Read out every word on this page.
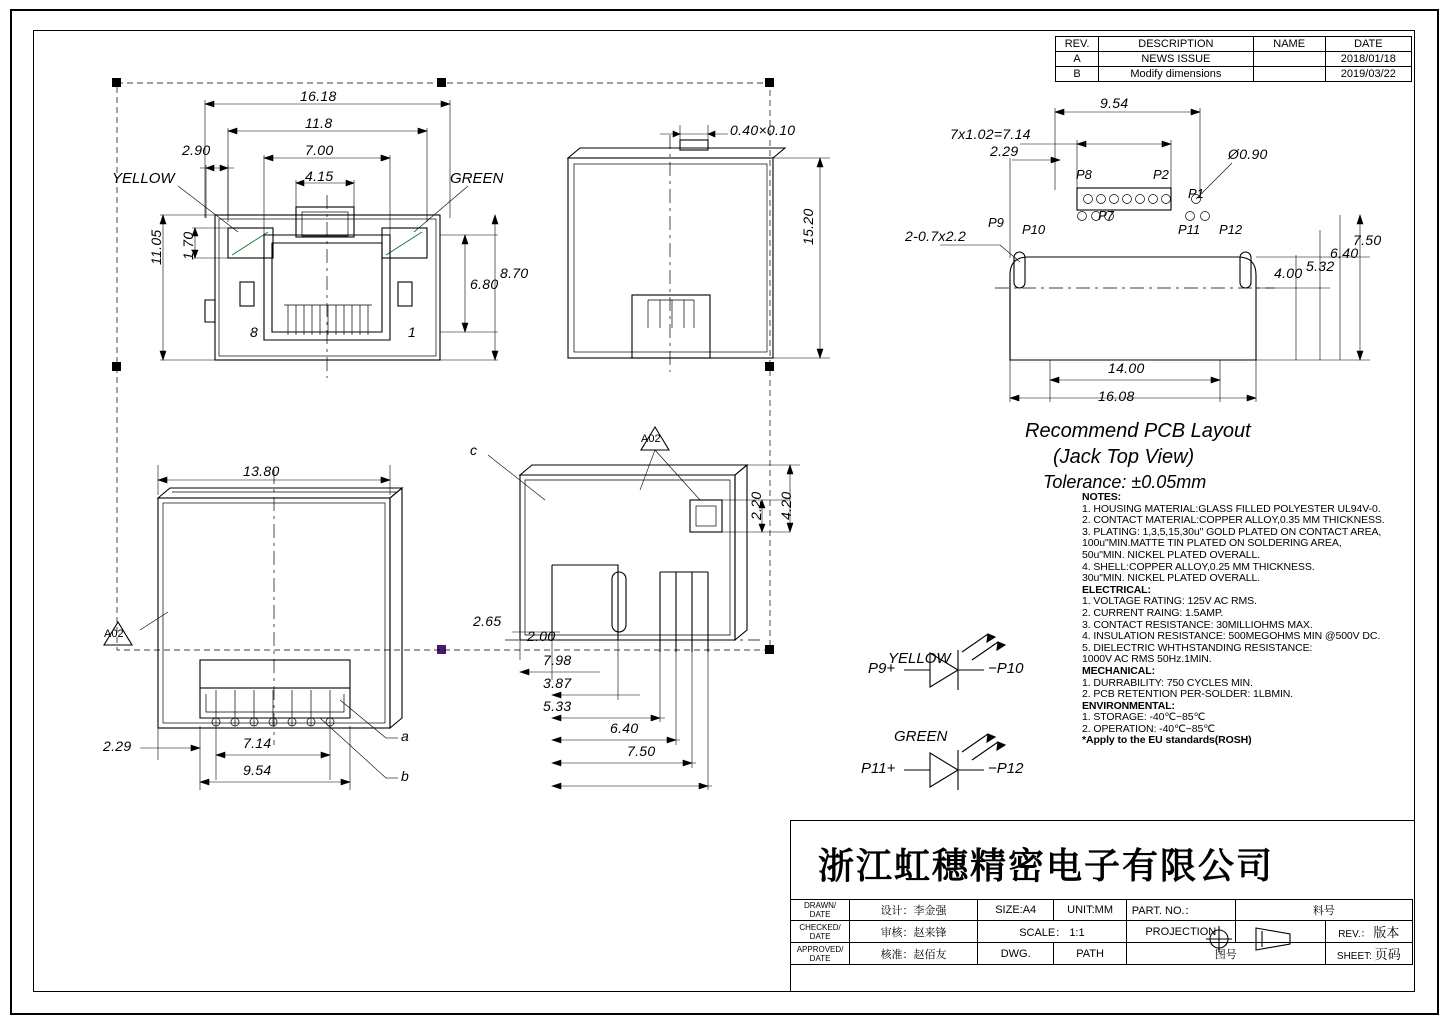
REV.	DESCRIPTION	NAME	DATE
A	NEWS ISSUE		2018/01/18
B	Modify dimensions		2019/03/22
16.18
11.8
7.00
4.15
2.90
11.05 1.70
6.80
8.70
YELLOW	GREEN
8	1
0.40×0.10
15.20
9.54
7x1.02=7.14
2.29	Ø0.90
2-0.7x2.2	7.50
6.40
5.32
4.00
14.00
16.08
P8	P2
P1
P9 P10
P7
P11 P12
Recommend PCB Layout
(Jack Top View)
Tolerance: ±0.05mm
13.80
2.29	7.14
9.54
a
b
A02
2.65
2.00
7.98
3.87
5.33
6.40
7.50
2.20 4.20
c
A02
YELLOW
P9+	−P10
GREEN
P11+	−P12
NOTES:
1. HOUSING MATERIAL:GLASS FILLED POLYESTER UL94V-0.
2. CONTACT MATERIAL:COPPER ALLOY,0.35 MM THICKNESS.
3. PLATING: 1,3,5,15,30u" GOLD PLATED ON CONTACT AREA,
100u"MIN.MATTE TIN PLATED ON SOLDERING AREA,
50u"MIN. NICKEL PLATED OVERALL.
4. SHELL:COPPER ALLOY,0.25 MM THICKNESS.
30u"MIN. NICKEL PLATED OVERALL.
ELECTRICAL:
1. VOLTAGE RATING: 125V AC RMS.
2. CURRENT RAING: 1.5AMP.
3. CONTACT RESISTANCE: 30MILLIOHMS MAX.
4. INSULATION RESISTANCE: 500MEGOHMS MIN @500V DC.
5. DIELECTRIC WHTHSTANDING RESISTANCE:
1000V AC RMS 50Hz.1MIN.
MECHANICAL:
1. DURRABILITY: 750 CYCLES MIN.
2. PCB RETENTION PER-SOLDER: 1LBMIN.
ENVIRONMENTAL:
1. STORAGE: -40℃~85℃
2. OPERATION: -40℃~85℃
*Apply to the EU standards(ROSH)
浙江虹穗精密电子有限公司
DRAWN/ DATE	设计：李金强	SIZE:A4	UNIT:MM	PART. NO.：	料号	
CHECKED/ DATE	审核：赵来锋	SCALE： 1:1		PROJECTION		REV.： 版本
APPROVED/ DATE	核准：赵佰友	DWG.	PATH	图号		SHEET: 页码
